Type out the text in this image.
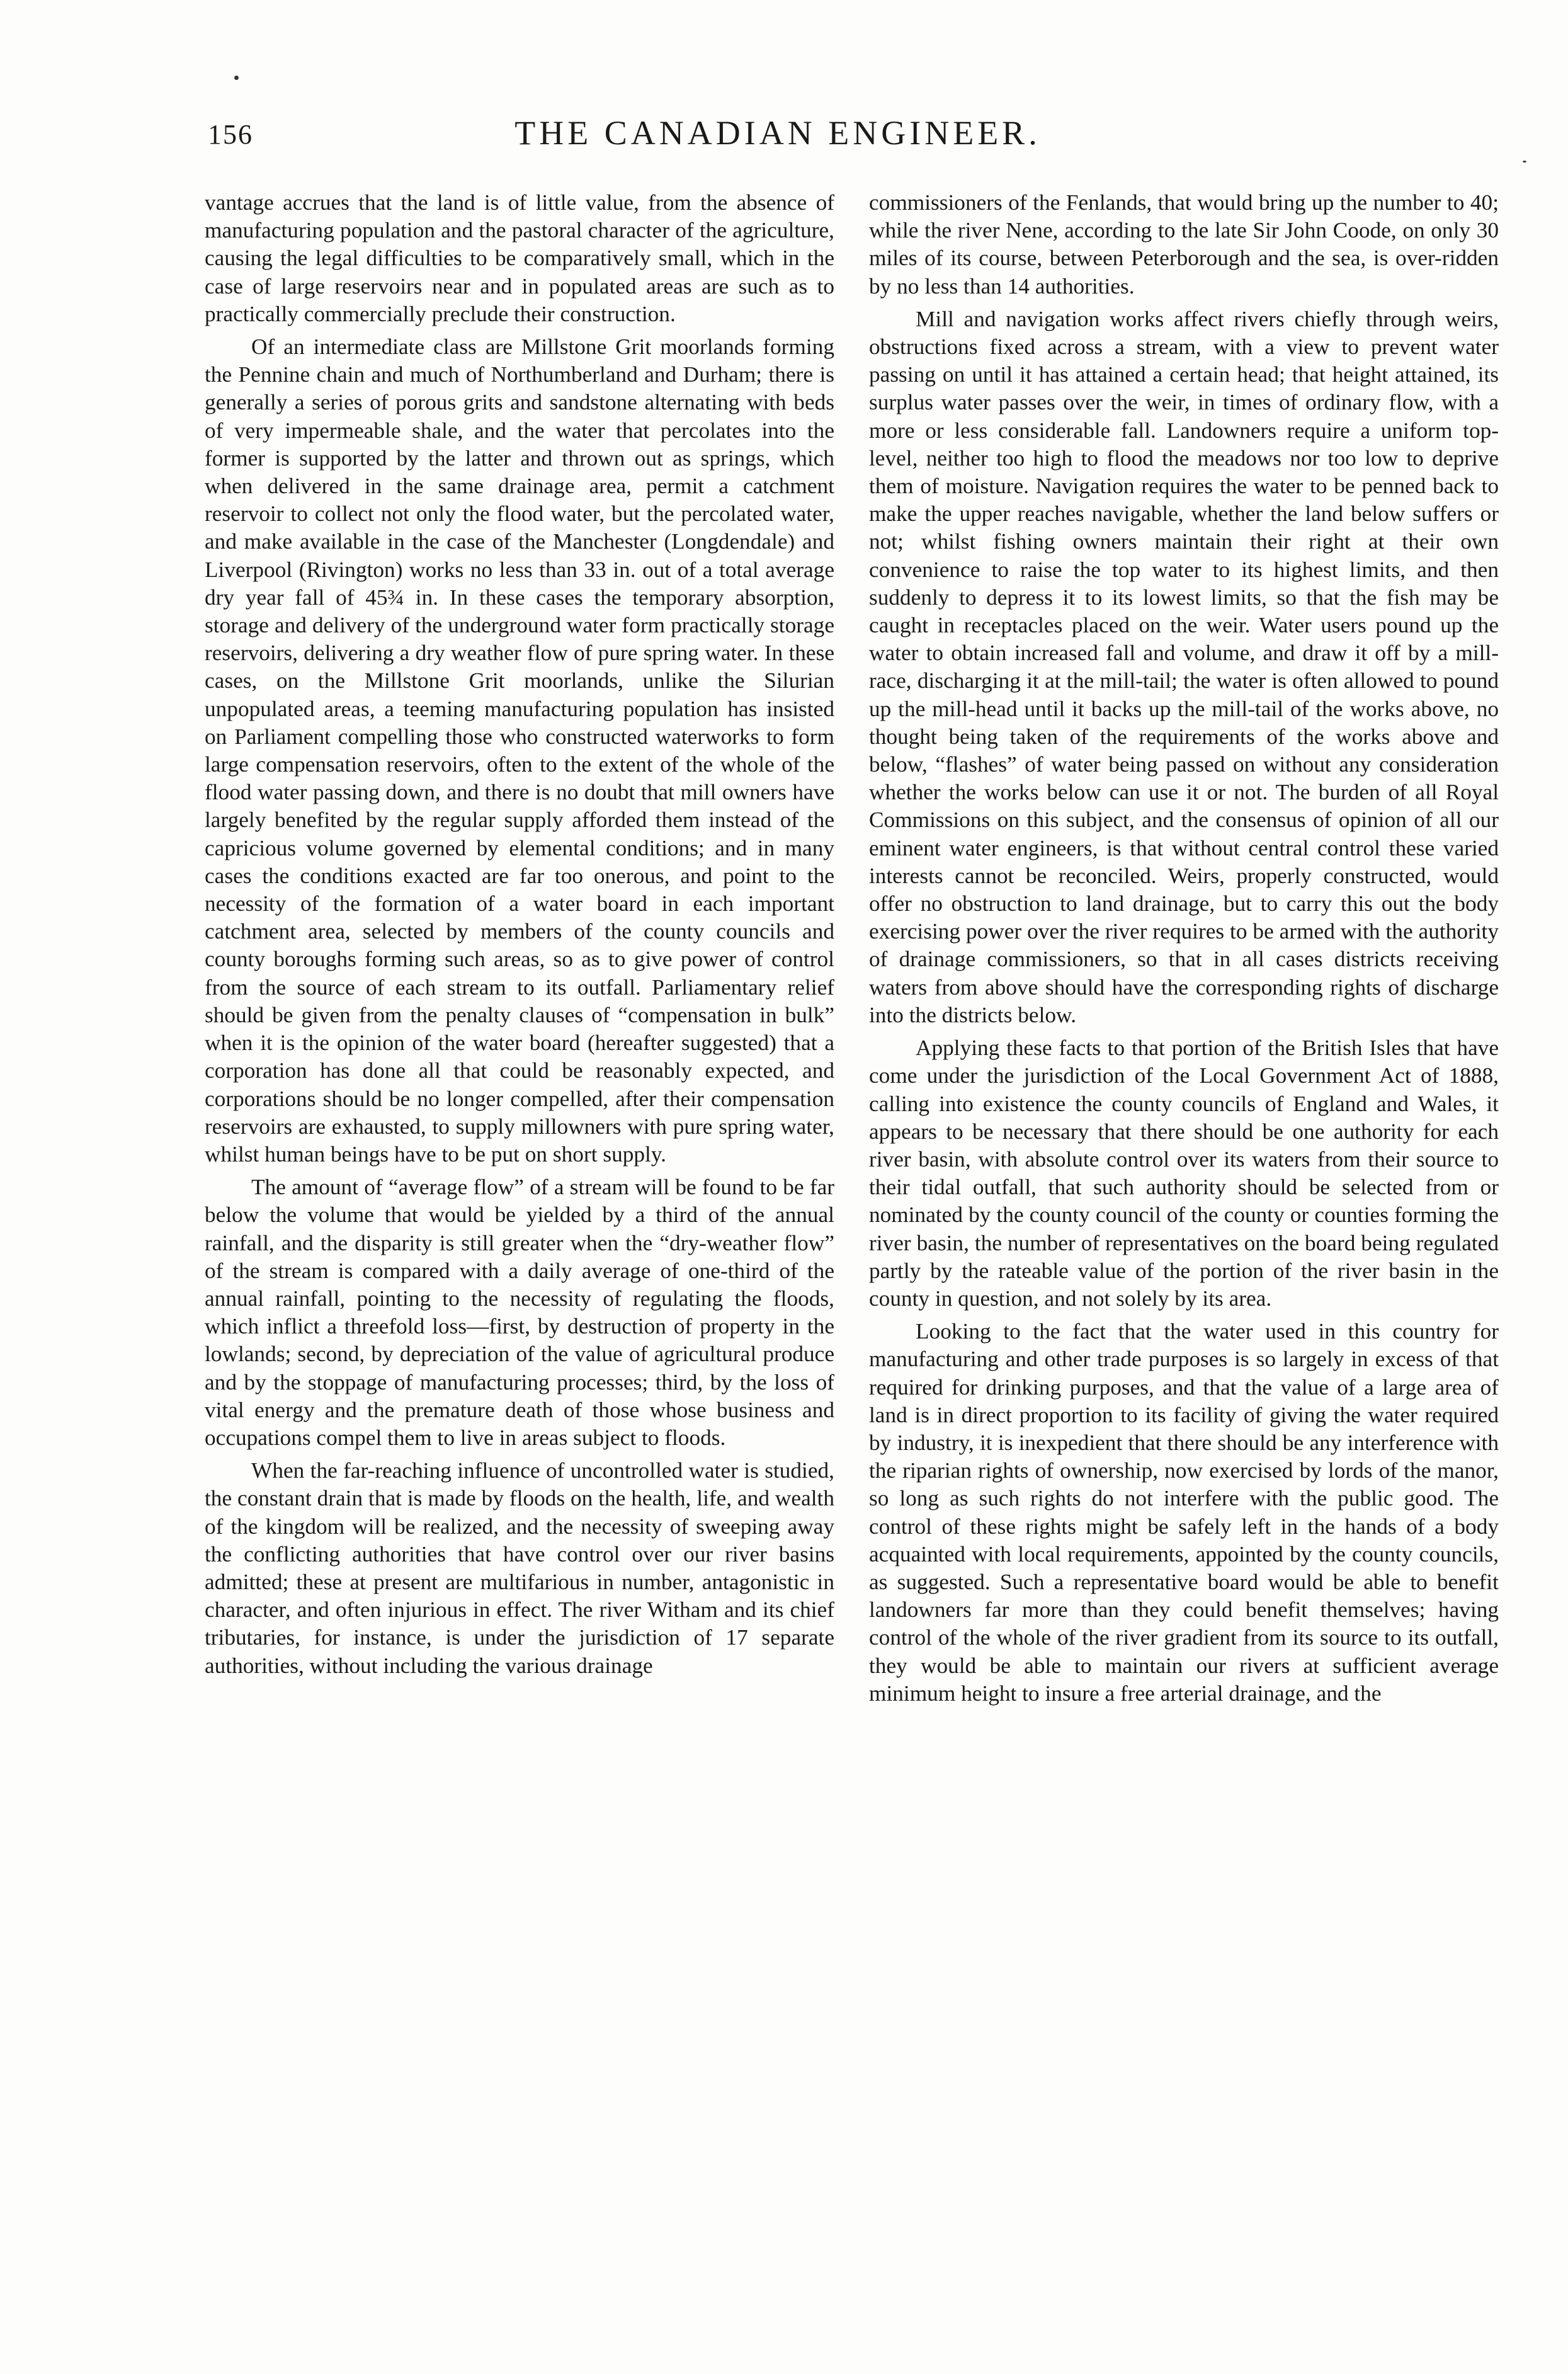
156	THE CANADIAN ENGINEER.

vantage accrues that the land is of little value, from the absence of manufacturing population and the pastoral character of the agriculture, causing the legal difficulties to be comparatively small, which in the case of large reservoirs near and in populated areas are such as to practically commercially preclude their construction.

Of an intermediate class are Millstone Grit moorlands forming the Pennine chain and much of Northumberland and Durham; there is generally a series of porous grits and sandstone alternating with beds of very impermeable shale, and the water that percolates into the former is supported by the latter and thrown out as springs, which when delivered in the same drainage area, permit a catchment reservoir to collect not only the flood water, but the percolated water, and make available in the case of the Manchester (Longdendale) and Liverpool (Rivington) works no less than 33 in. out of a total average dry year fall of 45¾ in. In these cases the temporary absorption, storage and delivery of the underground water form practically storage reservoirs, delivering a dry weather flow of pure spring water. In these cases, on the Millstone Grit moorlands, unlike the Silurian unpopulated areas, a teeming manufacturing population has insisted on Parliament compelling those who constructed waterworks to form large compensation reservoirs, often to the extent of the whole of the flood water passing down, and there is no doubt that mill owners have largely benefited by the regular supply afforded them instead of the capricious volume governed by elemental conditions; and in many cases the conditions exacted are far too onerous, and point to the necessity of the formation of a water board in each important catchment area, selected by members of the county councils and county boroughs forming such areas, so as to give power of control from the source of each stream to its outfall. Parliamentary relief should be given from the penalty clauses of “compensation in bulk” when it is the opinion of the water board (hereafter suggested) that a corporation has done all that could be reasonably expected, and corporations should be no longer compelled, after their compensation reservoirs are exhausted, to supply millowners with pure spring water, whilst human beings have to be put on short supply.

The amount of “average flow” of a stream will be found to be far below the volume that would be yielded by a third of the annual rainfall, and the disparity is still greater when the “dry-weather flow” of the stream is compared with a daily average of one-third of the annual rainfall, pointing to the necessity of regulating the floods, which inflict a threefold loss—first, by destruction of property in the lowlands; second, by depreciation of the value of agricultural produce and by the stoppage of manufacturing processes; third, by the loss of vital energy and the premature death of those whose business and occupations compel them to live in areas subject to floods.

When the far-reaching influence of uncontrolled water is studied, the constant drain that is made by floods on the health, life, and wealth of the kingdom will be realized, and the necessity of sweeping away the conflicting authorities that have control over our river basins admitted; these at present are multifarious in number, antagonistic in character, and often injurious in effect. The river Witham and its chief tributaries, for instance, is under the jurisdiction of 17 separate authorities, without including the various drainage

commissioners of the Fenlands, that would bring up the number to 40; while the river Nene, according to the late Sir John Coode, on only 30 miles of its course, between Peterborough and the sea, is over-ridden by no less than 14 authorities.

Mill and navigation works affect rivers chiefly through weirs, obstructions fixed across a stream, with a view to prevent water passing on until it has attained a certain head; that height attained, its surplus water passes over the weir, in times of ordinary flow, with a more or less considerable fall. Landowners require a uniform top-level, neither too high to flood the meadows nor too low to deprive them of moisture. Navigation requires the water to be penned back to make the upper reaches navigable, whether the land below suffers or not; whilst fishing owners maintain their right at their own convenience to raise the top water to its highest limits, and then suddenly to depress it to its lowest limits, so that the fish may be caught in receptacles placed on the weir. Water users pound up the water to obtain increased fall and volume, and draw it off by a mill-race, discharging it at the mill-tail; the water is often allowed to pound up the mill-head until it backs up the mill-tail of the works above, no thought being taken of the requirements of the works above and below, “flashes” of water being passed on without any consideration whether the works below can use it or not. The burden of all Royal Commissions on this subject, and the consensus of opinion of all our eminent water engineers, is that without central control these varied interests cannot be reconciled. Weirs, properly constructed, would offer no obstruction to land drainage, but to carry this out the body exercising power over the river requires to be armed with the authority of drainage commissioners, so that in all cases districts receiving waters from above should have the corresponding rights of discharge into the districts below.

Applying these facts to that portion of the British Isles that have come under the jurisdiction of the Local Government Act of 1888, calling into existence the county councils of England and Wales, it appears to be necessary that there should be one authority for each river basin, with absolute control over its waters from their source to their tidal outfall, that such authority should be selected from or nominated by the county council of the county or counties forming the river basin, the number of representatives on the board being regulated partly by the rateable value of the portion of the river basin in the county in question, and not solely by its area.

Looking to the fact that the water used in this country for manufacturing and other trade purposes is so largely in excess of that required for drinking purposes, and that the value of a large area of land is in direct proportion to its facility of giving the water required by industry, it is inexpedient that there should be any interference with the riparian rights of ownership, now exercised by lords of the manor, so long as such rights do not interfere with the public good. The control of these rights might be safely left in the hands of a body acquainted with local requirements, appointed by the county councils, as suggested. Such a representative board would be able to benefit landowners far more than they could benefit themselves; having control of the whole of the river gradient from its source to its outfall, they would be able to maintain our rivers at sufficient average minimum height to insure a free arterial drainage, and the
